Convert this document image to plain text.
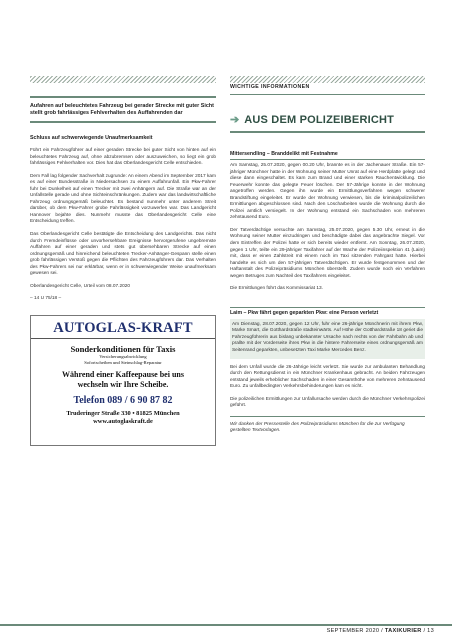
Aufahren auf beleuchtetes Fahrzeug bei gerader Strecke mit guter Sicht stellt grob fahrlässiges Fehlverhalten des Auffahrenden dar
Schluss auf schwerwiegende Unaufmerksamkeit
Führt ein Fahrzeugführer auf einer geraden Strecke bei guter Sicht von hinten auf ein beleuchtetes Fahrzeug auf, ohne abzubremsen oder auszuweichen, so liegt ein grob fahrlässiges Fehlverhalten vor. Dies hat das Oberlandesgericht Celle entschieden.
Dem Fall lag folgender Sachverhalt zugrunde: An einem Abend im September 2017 kam es auf einer Bundesstraße in Niedersachsen zu einem Auffahrunfall. Ein Pkw-Fahrer fuhr bei Dunkelheit auf einen Trecker mit zwei Anhängern auf. Die Straße war an der Unfallstelle gerade und ohne Sichteinschränkungen. Zudem war das landwirtschaftliche Fahrzeug ordnungsgemäß beleuchtet. Es bestand nunmehr unter anderem Streit darüber, ob dem Pkw-Fahrer grobe Fahrlässigkeit vorzuwerfen war. Das Landgericht Hannover bejahte dies. Nunmehr musste das Oberlandesgericht Celle eine Entscheidung treffen.
Das Oberlandesgericht Celle bestätigte die Entscheidung des Landgerichts. Das nicht durch Fremdeinflüsse oder unvorhersehbare Ereignisse hervorgerufene ungebremste Auffahren auf einer geraden und stets gut übersehbaren Strecke auf einen ordnungsgemäß und hinreichend beleuchteten Trecker-Anhänger-Gespann stelle einen grob fahrlässigen Verstoß gegen die Pflichten des Fahrzeugführers dar. Das Verhalten des Pkw-Fahrers sei nur erklärbar, wenn er in schwerwiegender Weise unaufmerksam gewesen sei.
Oberlandesgericht Celle, Urteil vom 08.07.2020
– 14 U 75/18 –
AUTOGLAS-KRAFT
Sonderkonditionen für Taxis
Versicherungsabwicklung
Sofortscheiben und Steinschlag-Reparatur
Während einer Kaffeepause bei uns
wechseln wir Ihre Scheibe.
Telefon 089 / 6 90 87 82
Truderinger Straße 330 • 81825 München
www.autoglaskraft.de
WICHTIGE INFORMATIONEN
➔ AUS DEM POLIZEIBERICHT
Mittersendling – Branddelikt mit Festnahme
Am Samstag, 25.07.2020, gegen 00.20 Uhr, brannte es in der Jachenauer Straße. Ein 57-jähriger Münchner hatte in der Wohnung seiner Mutter Unrat auf eine Herdplatte gelegt und diese dann eingeschaltet. Es kam zum Brand und einer starken Rauchentwicklung. Die Feuerwehr konnte das gelegte Feuer löschen. Der 57-Jährige konnte in der Wohnung angetroffen werden. Gegen ihn wurde ein Ermittlungsverfahren wegen schwerer Brandstiftung eingeleitet. Er wurde der Wohnung verwiesen, bis die kriminalpolizeilichen Ermittlungen abgeschlossen sind. Nach den Löscharbeiten wurde die Wohnung durch die Polizei amtlich versiegelt. In der Wohnung entstand ein Sachschaden von mehreren zehntausend Euro.
Der Tatverdächtige versuchte am Samstag, 25.07.2020, gegen 5.30 Uhr, erneut in die Wohnung seiner Mutter einzudringen und beschädigte dabei das angebrachte Siegel. Vor dem Eintreffen der Polizei hatte er sich bereits wieder entfernt. Am Sonntag, 26.07.2020, gegen 1 Uhr, teilte ein 29-jähriger Taxifahrer auf der Wache der Polizeiinspektion 41 (Laim) mit, dass er einen Zahlstreit mit einem noch im Taxi sitzenden Fahrgast hatte. Hierbei handelte es sich um den 57-jährigen Tatverdächtigen. Er wurde festgenommen und der Haftanstalt des Polizeipräsidiums München überstellt. Zudem wurde noch ein Verfahren wegen Betruges zum Nachteil des Taxifahrers eingeleitet.
Die Ermittlungen führt das Kommissariat 13.
Laim – Pkw fährt gegen geparkten Pkw: eine Person verletzt
Am Dienstag, 28.07.2020, gegen 12 Uhr, fuhr eine 26-jährige Münchnerin mit ihrem Pkw, Marke Smart, die Gotthardstraße stadteinwärts. Auf Höhe der Gotthardstraße 18 geriet die Fahrzeugführerin aus bislang unbekannter Ursache nach rechts von der Fahrbahn ab und prallte mit der Vorderseite ihres Pkw in die hintere Fahrerseite eines ordnungsgemäß am Seitenrand geparkten, unbesetzten Taxi Marke Mercedes Benz.
Bei dem Unfall wurde die 26-Jährige leicht verletzt. Sie wurde zur ambulanten Behandlung durch den Rettungsdienst in ein Münchner Krankenhaus gebracht. An beiden Fahrzeugen entstand jeweils erheblicher Sachschaden in einer Gesamthöhe von mehreren zehntausend Euro. Zu unfallbedingten Verkehrsbehinderungen kam es nicht.
Die polizeilichen Ermittlungen zur Unfallursache werden durch die Münchner Verkehrspolizei geführt.
Wir danken der Pressestelle des Polizeipräsidiums München für die zur Verfügung gestellten Textvorlagen.
SEPTEMBER 2020 / TAXIKURIER / 13
